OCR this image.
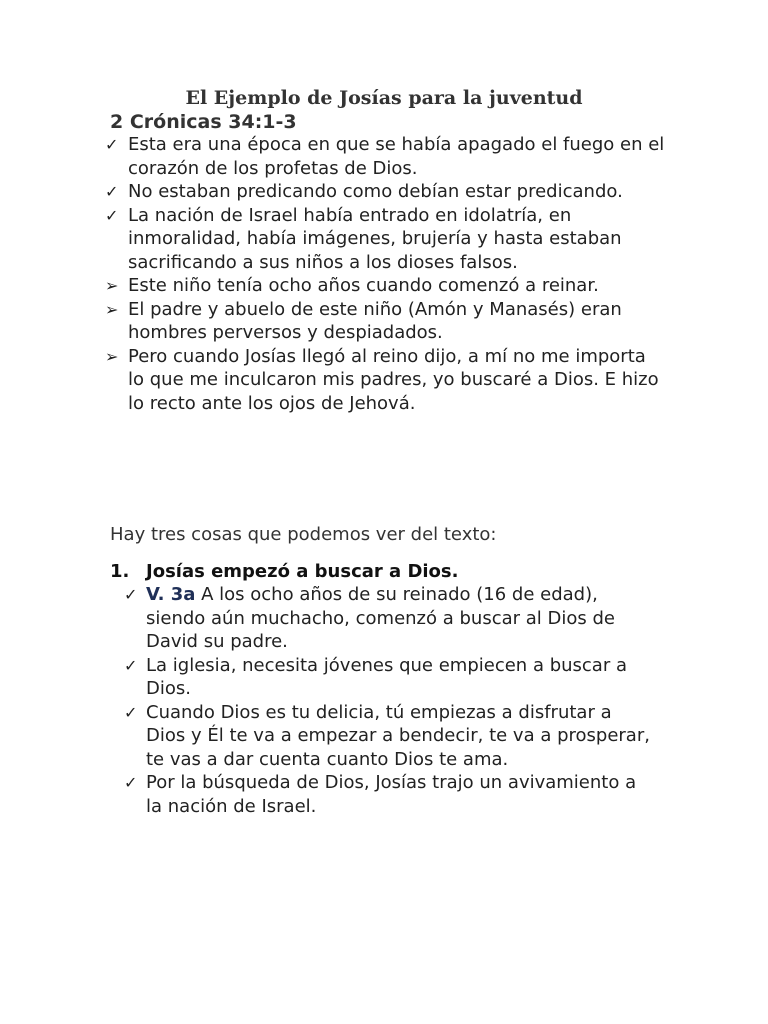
El Ejemplo de Josías para la juventud
2 Crónicas 34:1-3
✓ Esta era una época en que se había apagado el fuego en el corazón de los profetas de Dios.
✓ No estaban predicando como debían estar predicando.
✓ La nación de Israel había entrado en idolatría, en inmoralidad, había imágenes, brujería y hasta estaban sacrificando a sus niños a los dioses falsos.
➢ Este niño tenía ocho años cuando comenzó a reinar.
➢ El padre y abuelo de este niño (Amón y Manasés) eran hombres perversos y despiadados.
➢ Pero cuando Josías llegó al reino dijo, a mí no me importa lo que me inculcaron mis padres, yo buscaré a Dios. E hizo lo recto ante los ojos de Jehová.
Hay tres cosas que podemos ver del texto:
1. Josías empezó a buscar a Dios.
✓ V. 3a A los ocho años de su reinado (16 de edad), siendo aún muchacho, comenzó a buscar al Dios de David su padre.
✓ La iglesia, necesita jóvenes que empiecen a buscar a Dios.
✓ Cuando Dios es tu delicia, tú empiezas a disfrutar a Dios y Él te va a empezar a bendecir, te va a prosperar, te vas a dar cuenta cuanto Dios te ama.
✓ Por la búsqueda de Dios, Josías trajo un avivamiento a la nación de Israel.
